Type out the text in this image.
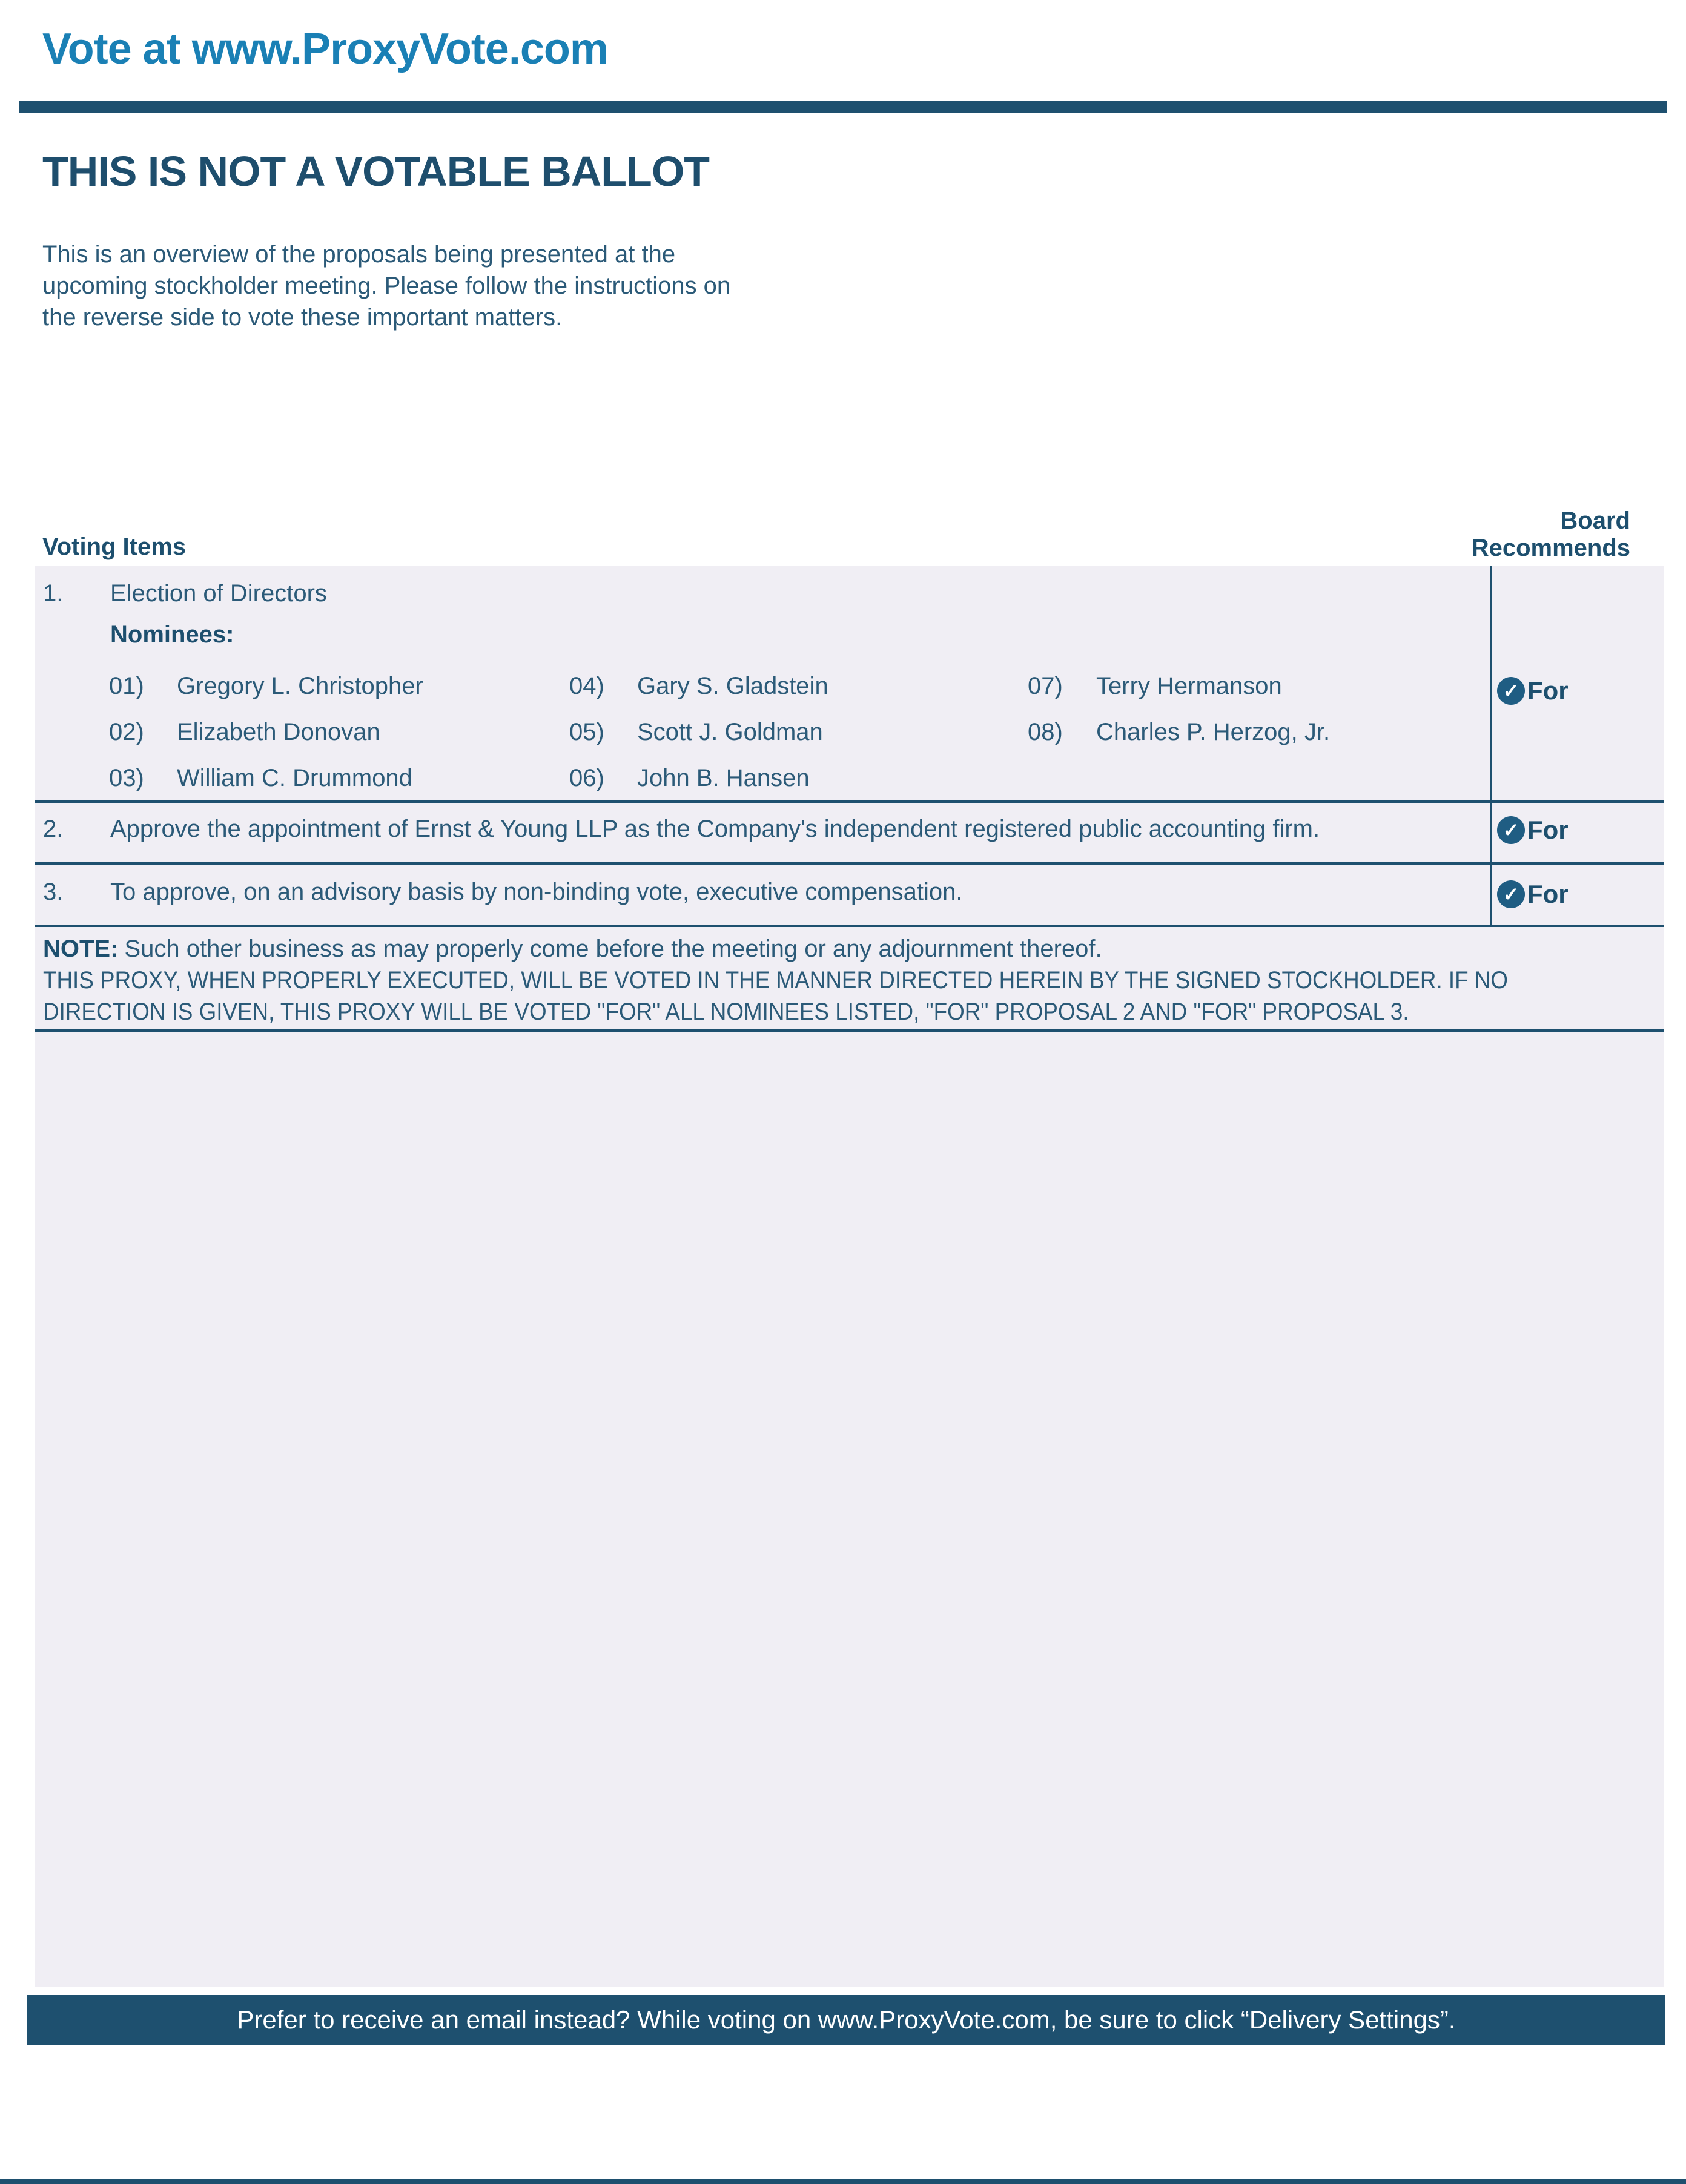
Vote at www.ProxyVote.com
THIS IS NOT A VOTABLE BALLOT
This is an overview of the proposals being presented at the
upcoming stockholder meeting. Please follow the instructions on
the reverse side to vote these important matters.
Voting Items
Board
Recommends
1. Election of Directors
Nominees:
01) Gregory L. Christopher
02) Elizabeth Donovan
03) William C. Drummond
04) Gary S. Gladstein
05) Scott J. Goldman
06) John B. Hansen
07) Terry Hermanson
08) Charles P. Herzog, Jr.
✓ For
2. Approve the appointment of Ernst & Young LLP as the Company's independent registered public accounting firm.	✓ For
3. To approve, on an advisory basis by non-binding vote, executive compensation.	✓ For
NOTE: Such other business as may properly come before the meeting or any adjournment thereof.
THIS PROXY, WHEN PROPERLY EXECUTED, WILL BE VOTED IN THE MANNER DIRECTED HEREIN BY THE SIGNED STOCKHOLDER. IF NO
DIRECTION IS GIVEN, THIS PROXY WILL BE VOTED "FOR" ALL NOMINEES LISTED, "FOR" PROPOSAL 2 AND "FOR" PROPOSAL 3.
Prefer to receive an email instead? While voting on www.ProxyVote.com, be sure to click “Delivery Settings”.
